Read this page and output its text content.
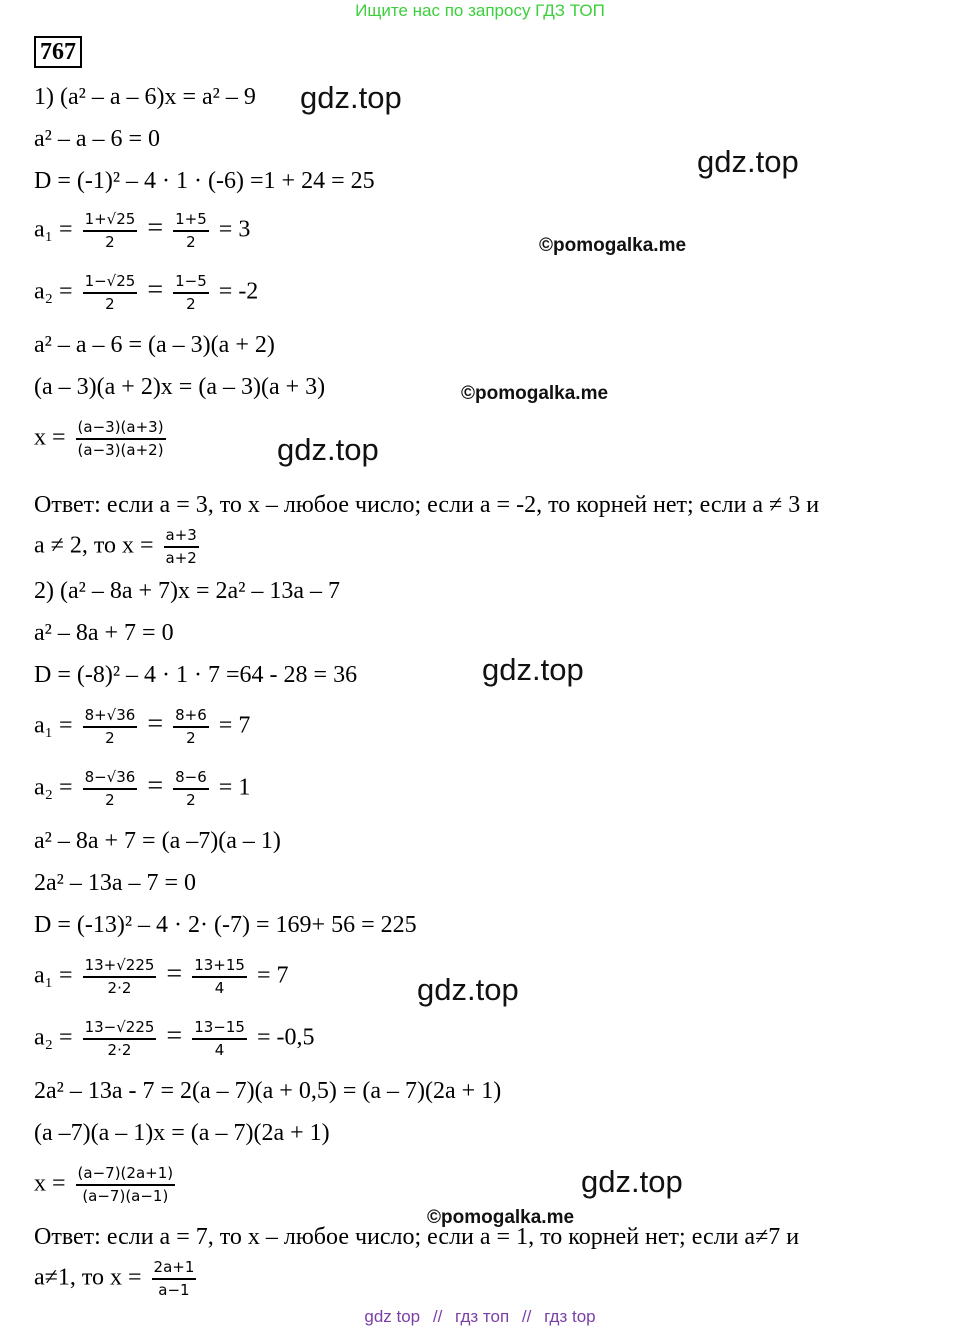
Ищите нас по запросу ГДЗ ТОП
767
1) (a² – a – 6)x = a² – 9
a² – a – 6 = 0
D = (-1)² – 4 · 1 · (-6) =1 + 24 = 25
$a_1 = \frac{1+√25}{2} = \frac{1+5}{2} = 3$
$a_2 = \frac{1-√25}{2} = \frac{1-5}{2} = -2$
a² – a – 6 = (a – 3)(a + 2)
(a – 3)(a + 2)x = (a – 3)(a + 3)
$x = \frac{(a-3)(a+3)}{(a-3)(a+2)}$
Ответ: если a = 3, то x – любое число; если a = -2, то корней нет; если a ≠ 3 и
a ≠ 2, то $x = \frac{a+3}{a+2}$
2) (a² – 8a + 7)x = 2a² – 13a – 7
a² – 8a + 7 = 0
D = (-8)² – 4 · 1 · 7 =64 - 28 = 36
$a_1 = \frac{8+√36}{2} = \frac{8+6}{2} = 7$
$a_2 = \frac{8-√36}{2} = \frac{8-6}{2} = 1$
a² – 8a + 7 = (a –7)(a – 1)
2a² – 13a – 7 = 0
D = (-13)² – 4 · 2· (-7) = 169+ 56 = 225
$a_1 = \frac{13+√225}{2\cdot 2} = \frac{13+15}{4} = 7$
$a_2 = \frac{13-√225}{2\cdot 2} = \frac{13-15}{4} = -0,5$
2a² – 13a - 7 = 2(a – 7)(a + 0,5) = (a – 7)(2a + 1)
(a –7)(a – 1)x = (a – 7)(2a + 1)
$x = \frac{(a-7)(2a+1)}{(a-7)(a-1)}$
Ответ: если a = 7, то x – любое число; если a = 1, то корней нет; если a≠7 и
a≠1, то $x = \frac{2a+1}{a-1}$
gdz.top
gdz.top
©pomogalka.me
©pomogalka.me
gdz.top
gdz.top
gdz.top
gdz.top
©pomogalka.me
gdz top // гдз топ // гдз top
